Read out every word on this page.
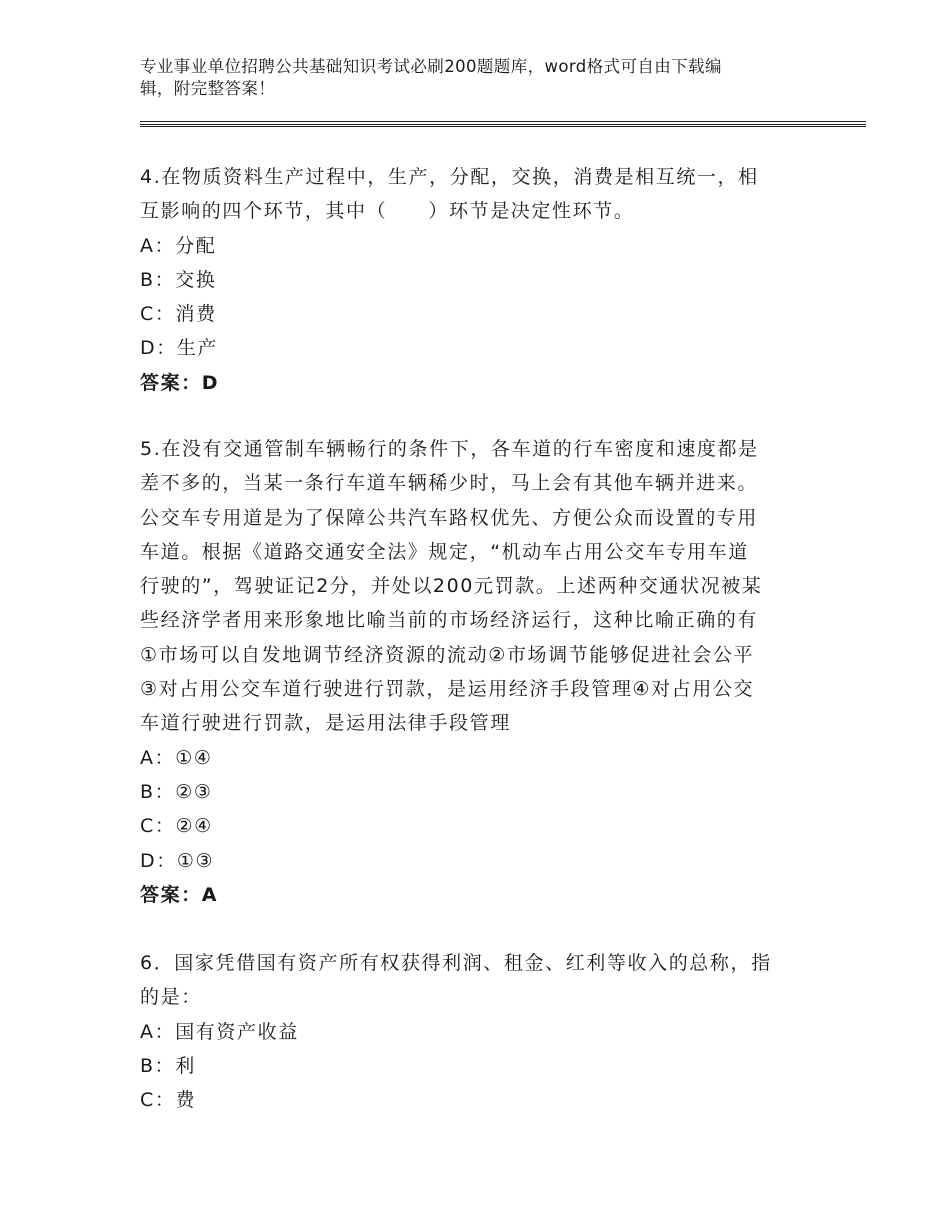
专业事业单位招聘公共基础知识考试必刷200题题库，word格式可自由下载编
辑，附完整答案！
4.在物质资料生产过程中，生产，分配，交换，消费是相互统一，相
互影响的四个环节，其中（　　）环节是决定性环节。
A：分配
B：交换
C：消费
D：生产
答案：D
5.在没有交通管制车辆畅行的条件下，各车道的行车密度和速度都是
差不多的，当某一条行车道车辆稀少时，马上会有其他车辆并进来。
公交车专用道是为了保障公共汽车路权优先、方便公众而设置的专用
车道。根据《道路交通安全法》规定，“机动车占用公交车专用车道
行驶的”，驾驶证记2分，并处以200元罚款。上述两种交通状况被某
些经济学者用来形象地比喻当前的市场经济运行，这种比喻正确的有
①市场可以自发地调节经济资源的流动②市场调节能够促进社会公平
③对占用公交车道行驶进行罚款，是运用经济手段管理④对占用公交
车道行驶进行罚款，是运用法律手段管理
A：①④
B：②③
C：②④
D：①③
答案：A
6．国家凭借国有资产所有权获得利润、租金、红利等收入的总称，指
的是：
A：国有资产收益
B：利
C：费
